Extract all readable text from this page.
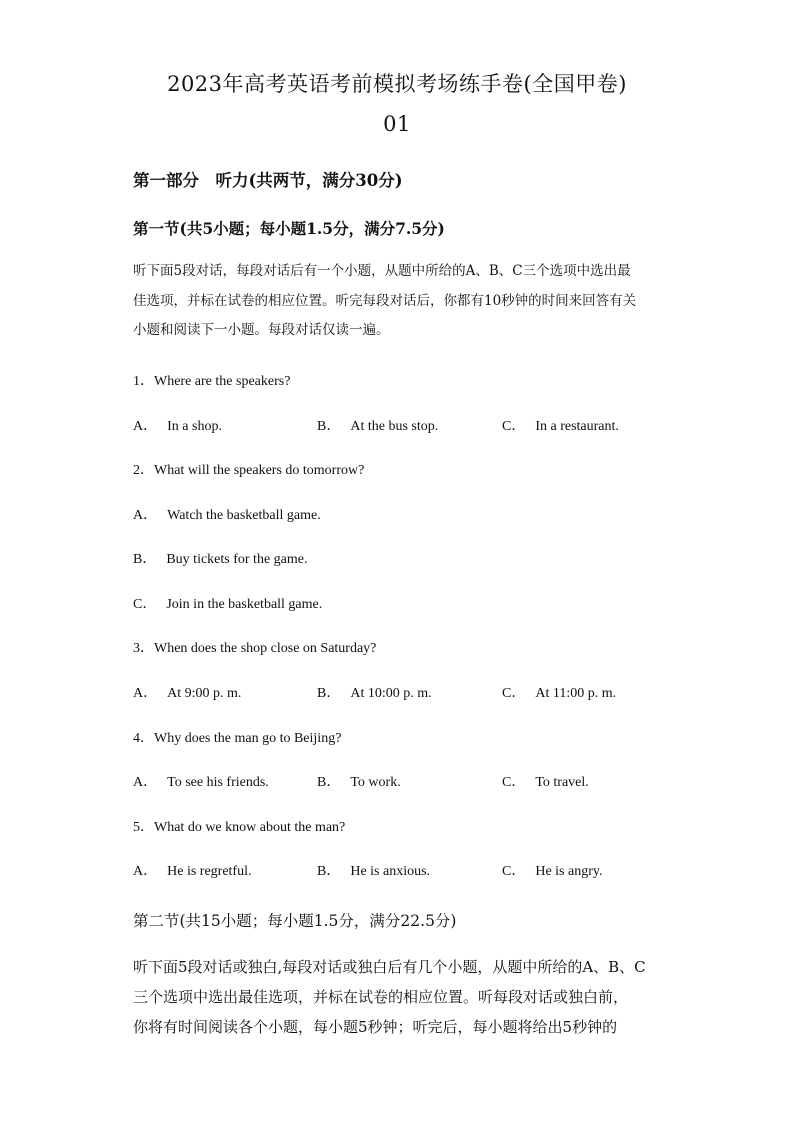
2023年高考英语考前模拟考场练手卷(全国甲卷)
01
第一部分　听力(共两节，满分30分)
第一节(共5小题；每小题1.5分，满分7.5分)
听下面5段对话，每段对话后有一个小题，从题中所给的A、B、C三个选项中选出最
佳选项，并标在试卷的相应位置。听完每段对话后，你都有10秒钟的时间来回答有关
小题和阅读下一小题。每段对话仅读一遍。
1．Where are the speakers?
A． In a shop.	B． At the bus stop.	C． In a restaurant.
2．What will the speakers do tomorrow?
A． Watch the basketball game.
B． Buy tickets for the game.
C． Join in the basketball game.
3．When does the shop close on Saturday?
A． At 9:00 p. m.	B． At 10:00 p. m.	C． At 11:00 p. m.
4．Why does the man go to Beijing?
A． To see his friends.	B． To work.	C． To travel.
5．What do we know about the man?
A． He is regretful.	B． He is anxious.	C． He is angry.
第二节(共15小题；每小题1.5分，满分22.5分)
听下面5段对话或独白,每段对话或独白后有几个小题，从题中所给的A、B、C
三个选项中选出最佳选项，并标在试卷的相应位置。听每段对话或独白前，
你将有时间阅读各个小题，每小题5秒钟；听完后，每小题将给出5秒钟的
